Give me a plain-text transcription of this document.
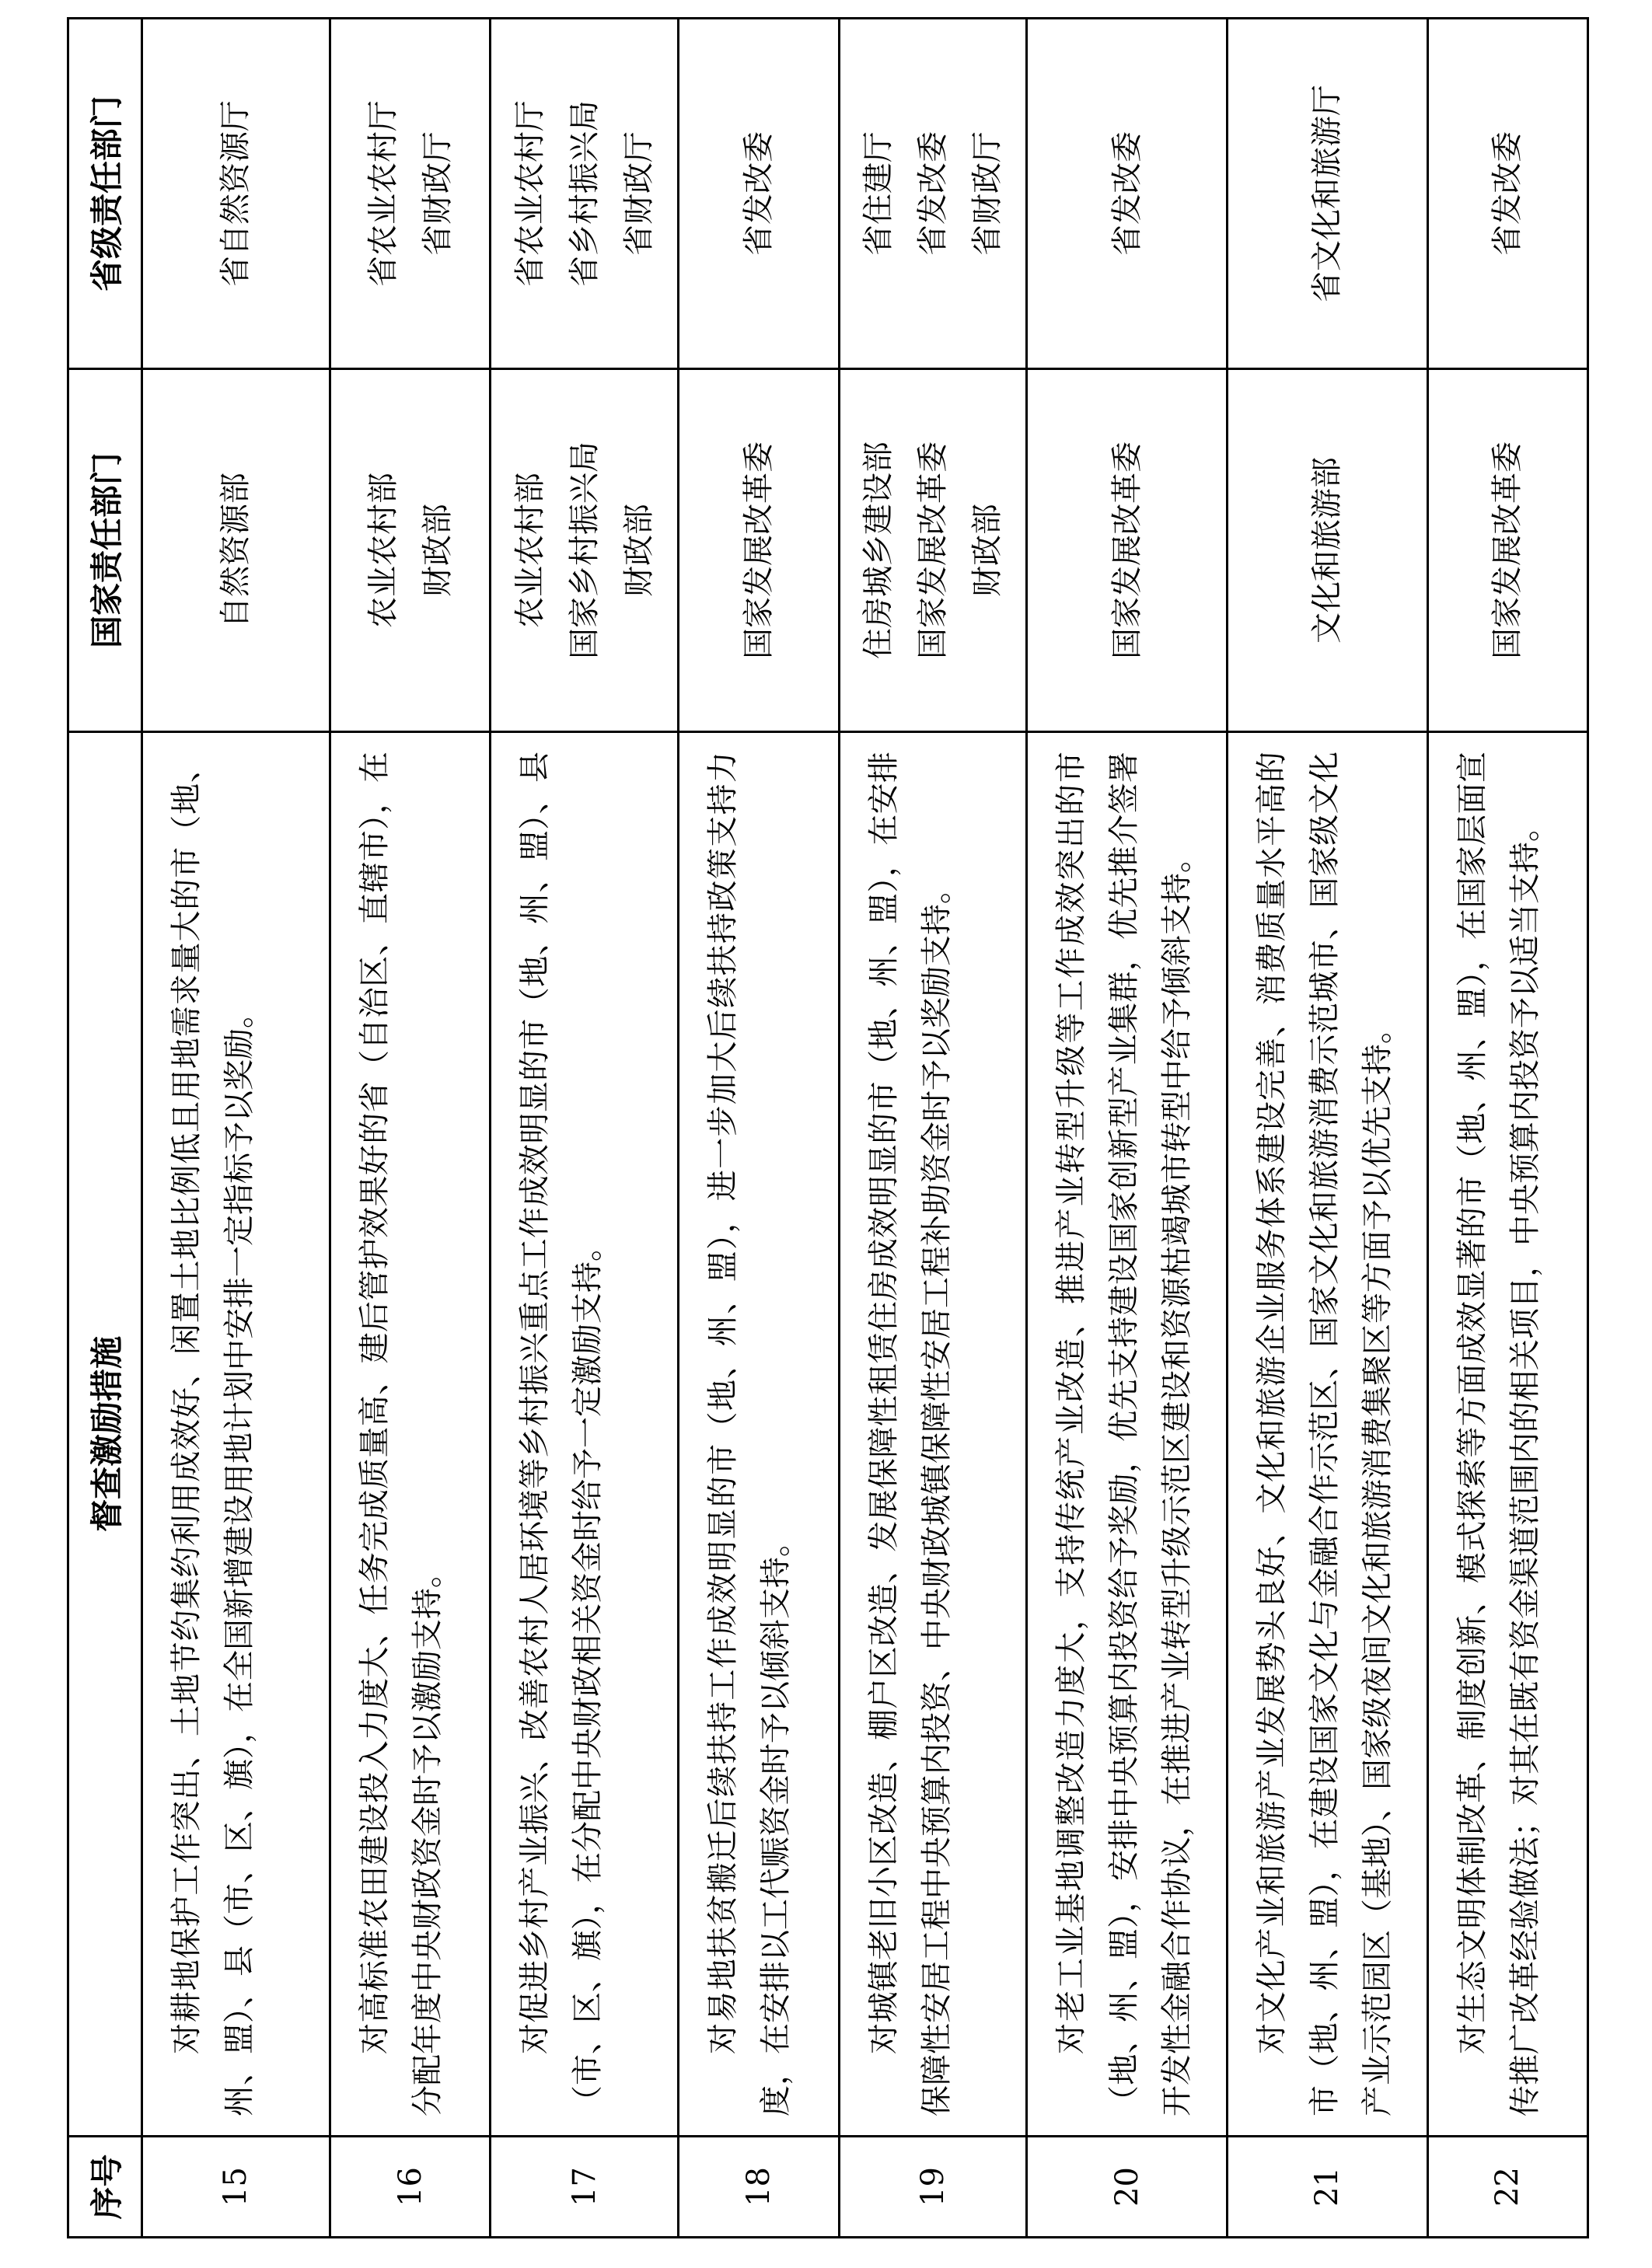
序号	督查激励措施	国家责任部门	省级责任部门
15	对耕地保护工作突出、土地节约集约利用成效好、闲置土地比例低且用地需求量大的市（地、州、盟）、县（市、区、旗），在全国新增建设用地计划中安排一定指标予以奖励。	自然资源部	省自然资源厅

16	对高标准农田建设投入力度大、任务完成质量高、建后管护效果好的省（自治区、直辖市），在分配年度中央财政资金时予以激励支持。	农业农村部 财政部	省农业农村厅 省财政厅

17	对促进乡村产业振兴、改善农村人居环境等乡村振兴重点工作成效明显的市（地、州、盟）、县（市、区、旗），在分配中央财政相关资金时给予一定激励支持。	农业农村部 国家乡村振兴局 财政部	省农业农村厅 省乡村振兴局 省财政厅

18	对易地扶贫搬迁后续扶持工作成效明显的市（地、州、盟），进一步加大后续扶持政策支持力度，在安排以工代赈资金时予以倾斜支持。	国家发展改革委	省发改委

19	对城镇老旧小区改造、棚户区改造、发展保障性租赁住房成效明显的市（地、州、盟），在安排保障性安居工程中央预算内投资、中央财政城镇保障性安居工程补助资金时予以奖励支持。	住房城乡建设部 国家发展改革委 财政部	省住建厅 省发改委 省财政厅

20	对老工业基地调整改造力度大，支持传统产业改造、推进产业转型升级等工作成效突出的市（地、州、盟），安排中央预算内投资给予奖励，优先支持建设国家创新型产业集群，优先推介签署开发性金融合作协议，在推进产业转型升级示范区建设和资源枯竭城市转型中给予倾斜支持。	国家发展改革委	省发改委

21	对文化产业和旅游产业发展势头良好、文化和旅游企业服务体系建设完善、消费质量水平高的市（地、州、盟），在建设国家文化与金融合作示范区、国家文化和旅游消费示范城市、国家级文化产业示范园区（基地）、国家级夜间文化和旅游消费集聚区等方面予以优先支持。	文化和旅游部	省文化和旅游厅

22	对生态文明体制改革、制度创新、模式探索等方面成效显著的市（地、州、盟），在国家层面宣传推广改革经验做法；对其在既有资金渠道范围内的相关项目，中央预算内投资予以适当支持。	国家发展改革委	省发改委
